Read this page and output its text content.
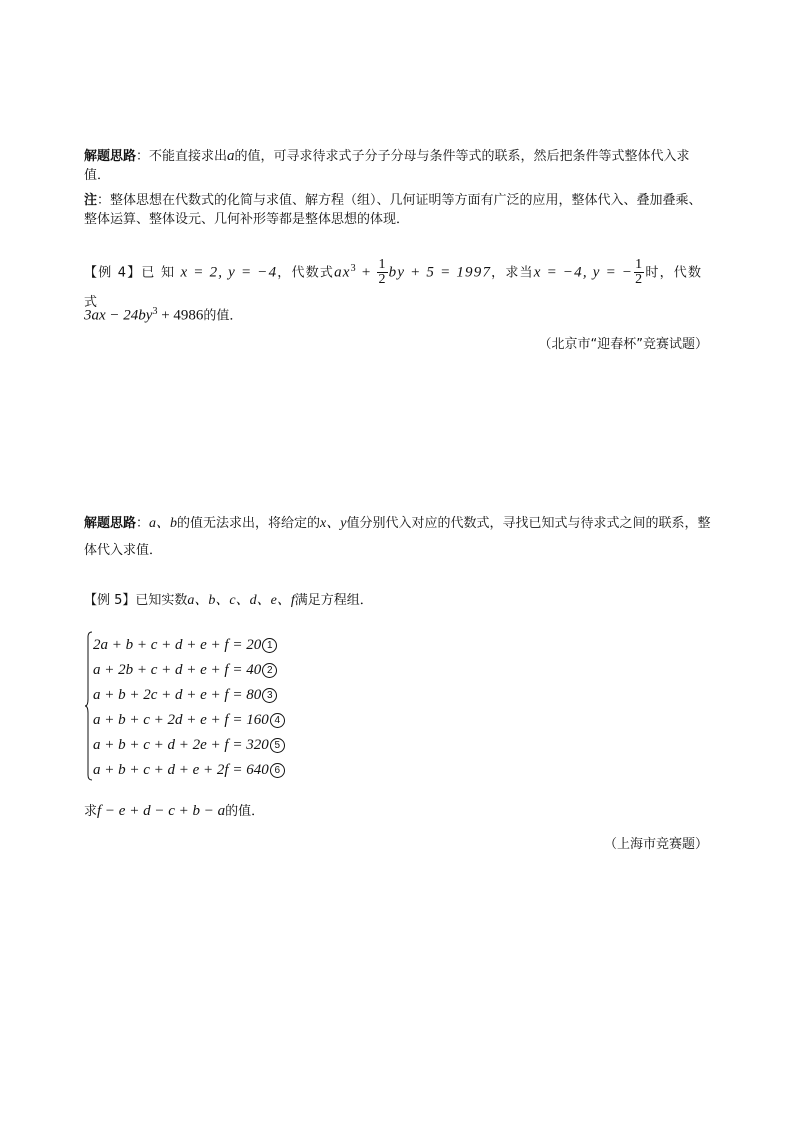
解题思路：不能直接求出a的值，可寻求待求式子分子分母与条件等式的联系，然后把条件等式整体代入求值．
注：整体思想在代数式的化简与求值、解方程（组）、几何证明等方面有广泛的应用，整体代入、叠加叠乘、整体运算、整体设元、几何补形等都是整体思想的体现．
【例 4】已 知 x = 2, y = −4，代数式$ax^3 + \frac{1}{2}$ by + 5 = 1997，求当x = −4, y = − $\frac{1}{2}$ 时，代数式
$3ax - 24by^3 + 4986$的值．
（北京市“迎春杯”竞赛试题）
解题思路：a、b的值无法求出，将给定的x、y值分别代入对应的代数式，寻找已知式与待求式之间的联系，整体代入求值．
【例 5】已知实数a、b、c、d、e、f满足方程组．
2a + b + c + d + e + f = 20 1
a + 2b + c + d + e + f = 40 2
a + b + 2c + d + e + f = 80 3
a + b + c + 2d + e + f = 160 4
a + b + c + d + 2e + f = 320 5
a + b + c + d + e + 2f = 640 6
求f − e + d − c + b − a的值．
（上海市竞赛题）
